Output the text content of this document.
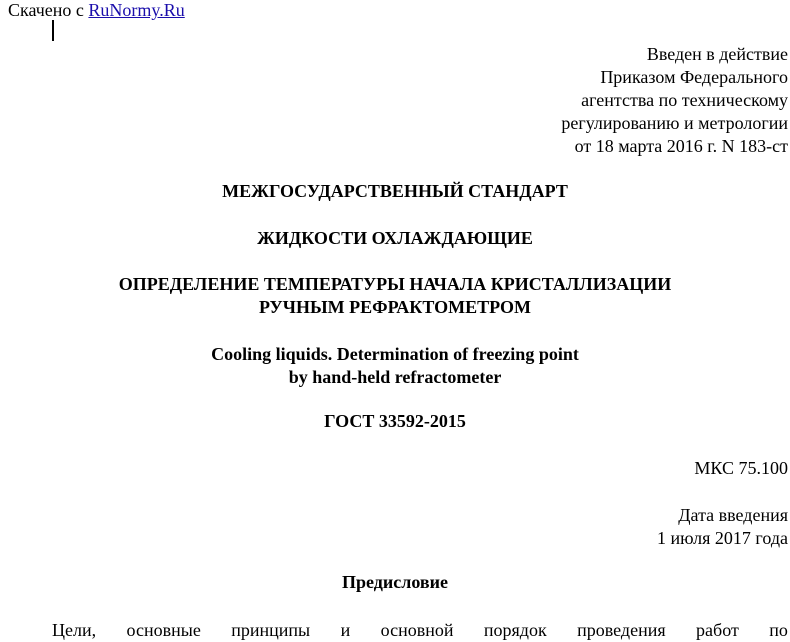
Скачено с RuNormy.Ru
Введен в действие
Приказом Федерального
агентства по техническому
регулированию и метрологии
от 18 марта 2016 г. N 183-ст
МЕЖГОСУДАРСТВЕННЫЙ СТАНДАРТ
ЖИДКОСТИ ОХЛАЖДАЮЩИЕ
ОПРЕДЕЛЕНИЕ ТЕМПЕРАТУРЫ НАЧАЛА КРИСТАЛЛИЗАЦИИ
РУЧНЫМ РЕФРАКТОМЕТРОМ
Cooling liquids. Determination of freezing point
by hand-held refractometer
ГОСТ 33592-2015
МКС 75.100
Дата введения
1 июля 2017 года
Предисловие
Цели, основные принципы и основной порядок проведения работ по
